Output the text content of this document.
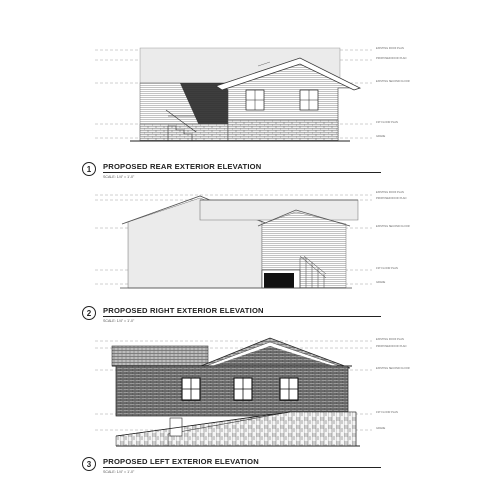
EXISTING ROOF PLAN
PROPOSED ROOF PLAN
EXISTING SECOND FLOOR
1ST FLOOR PLAN
GRADE
EXISTING ROOF PLAN
PROPOSED ROOF PLAN
EXISTING SECOND FLOOR
1ST FLOOR PLAN
GRADE
EXISTING ROOF PLAN
PROPOSED ROOF PLAN
EXISTING SECOND FLOOR
1ST FLOOR PLAN
GRADE
1	PROPOSED REAR EXTERIOR ELEVATION
SCALE: 1/4" = 1'-0"
2	PROPOSED RIGHT EXTERIOR ELEVATION
SCALE: 1/4" = 1'-0"
3	PROPOSED LEFT EXTERIOR ELEVATION
SCALE: 1/4" = 1'-0"
